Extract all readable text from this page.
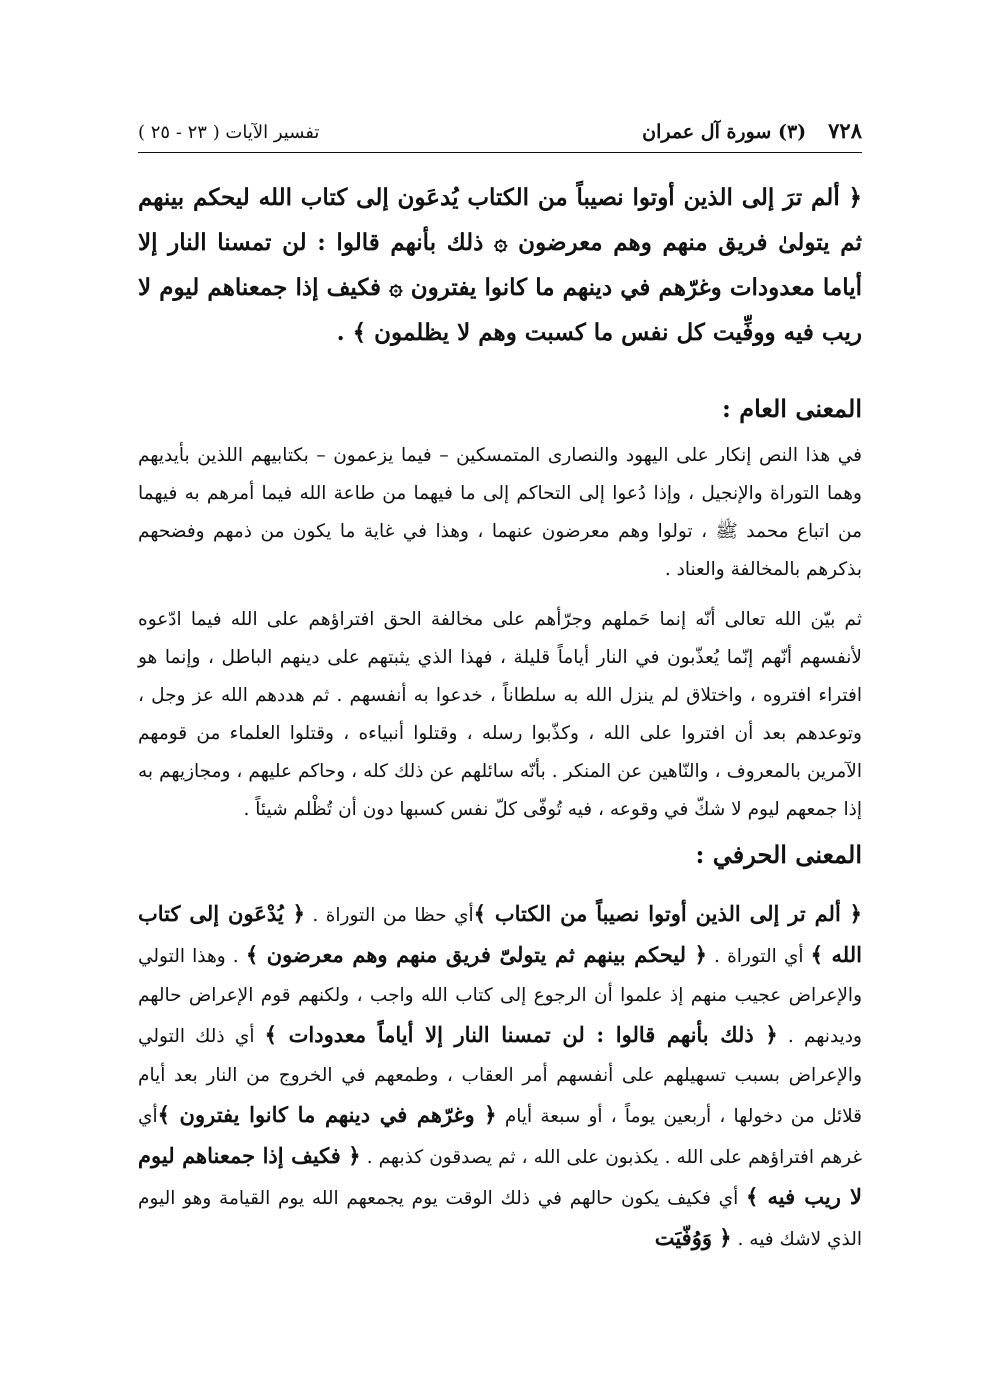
٧٢٨
(٣) سورة آل عمران
تفسير الآيات ( ٢٣ - ٢٥ )

﴿ ألم ترَ إلى الذين أوتوا نصيباً من الكتاب يُدعَون إلى كتاب الله ليحكم بينهم ثم يتولىٰ فريق منهم وهم معرضون ۞ ذلك بأنهم قالوا : لن تمسنا النار إلا أياما معدودات وغرّهم في دينهم ما كانوا يفترون ۞ فكيف إذا جمعناهم ليوم لا ريب فيه ووفِّيت كل نفس ما كسبت وهم لا يظلمون ﴾ .

المعنى العام :

في هذا النص إنكار على اليهود والنصارى المتمسكين – فيما يزعمون – بكتابيهم اللذين بأيديهم وهما التوراة والإنجيل ، وإذا دُعوا إلى التحاكم إلى ما فيهما من طاعة الله فيما أمرهم به فيهما من اتباع محمد ﷺ ، تولوا وهم معرضون عنهما ، وهذا في غاية ما يكون من ذمهم وفضحهم بذكرهم بالمخالفة والعناد .

ثم بيّن الله تعالى أنّه إنما حَملهم وجرّأهم على مخالفة الحق افتراؤهم على الله فيما ادّعوه لأنفسهم أنّهم إنّما يُعذّبون في النار أياماً قليلة ، فهذا الذي يثبتهم على دينهم الباطل ، وإنما هو افتراء افتروه ، واختلاق لم ينزل الله به سلطاناً ، خدعوا به أنفسهم . ثم هددهم الله عز وجل ، وتوعدهم بعد أن افتروا على الله ، وكذّبوا رسله ، وقتلوا أنبياءه ، وقتلوا العلماء من قومهم الآمرين بالمعروف ، والنّاهين عن المنكر . بأنّه سائلهم عن ذلك كله ، وحاكم عليهم ، ومجازيهم به إذا جمعهم ليوم لا شكّ في وقوعه ، فيه تُوفّى كلّ نفس كسبها دون أن تُظْلم شيئاً .

المعنى الحرفي :

﴿ ألم تر إلى الذين أوتوا نصيباً من الكتاب ﴾أي حظا من التوراة . ﴿ يُدْعَون إلى كتاب الله ﴾ أي التوراة . ﴿ ليحكم بينهم ثم يتولىّ فريق منهم وهم معرضون ﴾ . وهذا التولي والإعراض عجيب منهم إذ علموا أن الرجوع إلى كتاب الله واجب ، ولكنهم قوم الإعراض حالهم وديدنهم . ﴿ ذلك بأنهم قالوا : لن تمسنا النار إلا أياماً معدودات ﴾ أي ذلك التولي والإعراض بسبب تسهيلهم على أنفسهم أمر العقاب ، وطمعهم في الخروج من النار بعد أيام قلائل من دخولها ، أربعين يوماً ، أو سبعة أيام ﴿ وغرّهم في دينهم ما كانوا يفترون ﴾أي غرهم افتراؤهم على الله . يكذبون على الله ، ثم يصدقون كذبهم . ﴿ فكيف إذا جمعناهم ليوم لا ريب فيه ﴾ أي فكيف يكون حالهم في ذلك الوقت يوم يجمعهم الله يوم القيامة وهو اليوم الذي لاشك فيه . ﴿ وَوُفّيَت
